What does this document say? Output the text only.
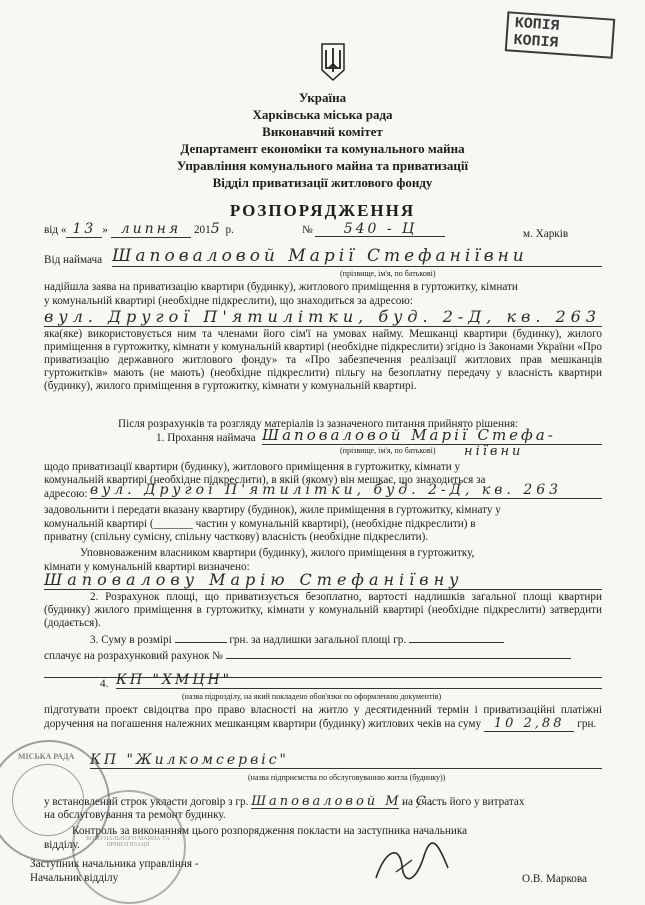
КОПІЯ
КОПІЯ
Україна
Харківська міська рада
Виконавчий комітет
Департамент економіки та комунального майна
Управління комунального майна та приватизації
Відділ приватизації житлового фонду
РОЗПОРЯДЖЕННЯ
від « 13 » липня 2015 р.	№ 540 - Ц	м. Харків
Від наймача Шаповаловой Марії Стефаніївни
(прізвище, ім'я, по батькові)
надійшла заява на приватизацію квартири (будинку), житлового приміщення в гуртожитку, кімнати
у комунальній квартирі (необхідне підкреслити), що знаходиться за адресою:
вул. Другої П'ятилітки, буд. 2-Д, кв. 263
яка(яке) використовується ним та членами його сім'ї на умовах найму. Мешканці квартири (будинку), жилого приміщення в гуртожитку, кімнати у комунальній квартирі (необхідне підкреслити) згідно із Законами України «Про приватизацію державного житлового фонду» та «Про забезпечення реалізації житлових прав мешканців гуртожитків» мають (не мають) (необхідне підкреслити) пільгу на безоплатну передачу у власність квартири (будинку), жилого приміщення в гуртожитку, кімнати у комунальній квартирі.
Після розрахунків та розгляду матеріалів із зазначеного питання прийнято рішення:
1. Прохання наймача Шаповаловой Марії Стефа-
(прізвище, ім'я, по батькові) ніївни
щодо приватизації квартири (будинку), житлового приміщення в гуртожитку, кімнати у
комунальній квартирі (необхідне підкреслити), в якій (якому) він мешкає, що знаходиться за
адресою: вул. Другої П'ятилітки, буд. 2-Д, кв. 263
задовольнити і передати вказану квартиру (будинок), жиле приміщення в гуртожитку, кімнату у
комунальній квартирі (_______ частин у комунальній квартирі), (необхідне підкреслити) в
приватну (спільну сумісну, спільну часткову) власність (необхідне підкреслити).
Уповноваженим власником квартири (будинку), жилого приміщення в гуртожитку,
кімнати у комунальній квартирі визначено:
Шаповалову Марію Стефаніївну
2. Розрахунок площі, що приватизується безоплатно, вартості надлишків загальної площі квартири (будинку) жилого приміщення в гуртожитку, кімнати у комунальній квартирі (необхідне підкреслити) затвердити (додається).
3. Суму в розмірі	грн. за надлишки загальної площі гр.
сплачує на розрахунковий рахунок №
4. КП "ХМЦН"
(назва підрозділу, на який покладено обов'язки по оформленню документів)
підготувати проект свідоцтва про право власності на житло у десятиденний термін і приватизаційні платіжні доручення на погашення належних мешканцям квартири (будинку) житлових чеків на суму 10 2,88 грн.
КП "Жилкомсервіс"
(назва підприємства по обслуговуванню житла (будинку))
у встановлений строк укласти договір з гр. Шаповаловой М. С. на участь його у витратах
на обслуговування та ремонт будинку.
Контроль за виконанням цього розпорядження покласти на заступника начальника
відділу.
Заступник начальника управління -
Начальник відділу	О.В. Маркова
МІСЬКА РАДА
КОМУНАЛЬНОГО МАЙНА ТА ПРИВАТИЗАЦІЇ
